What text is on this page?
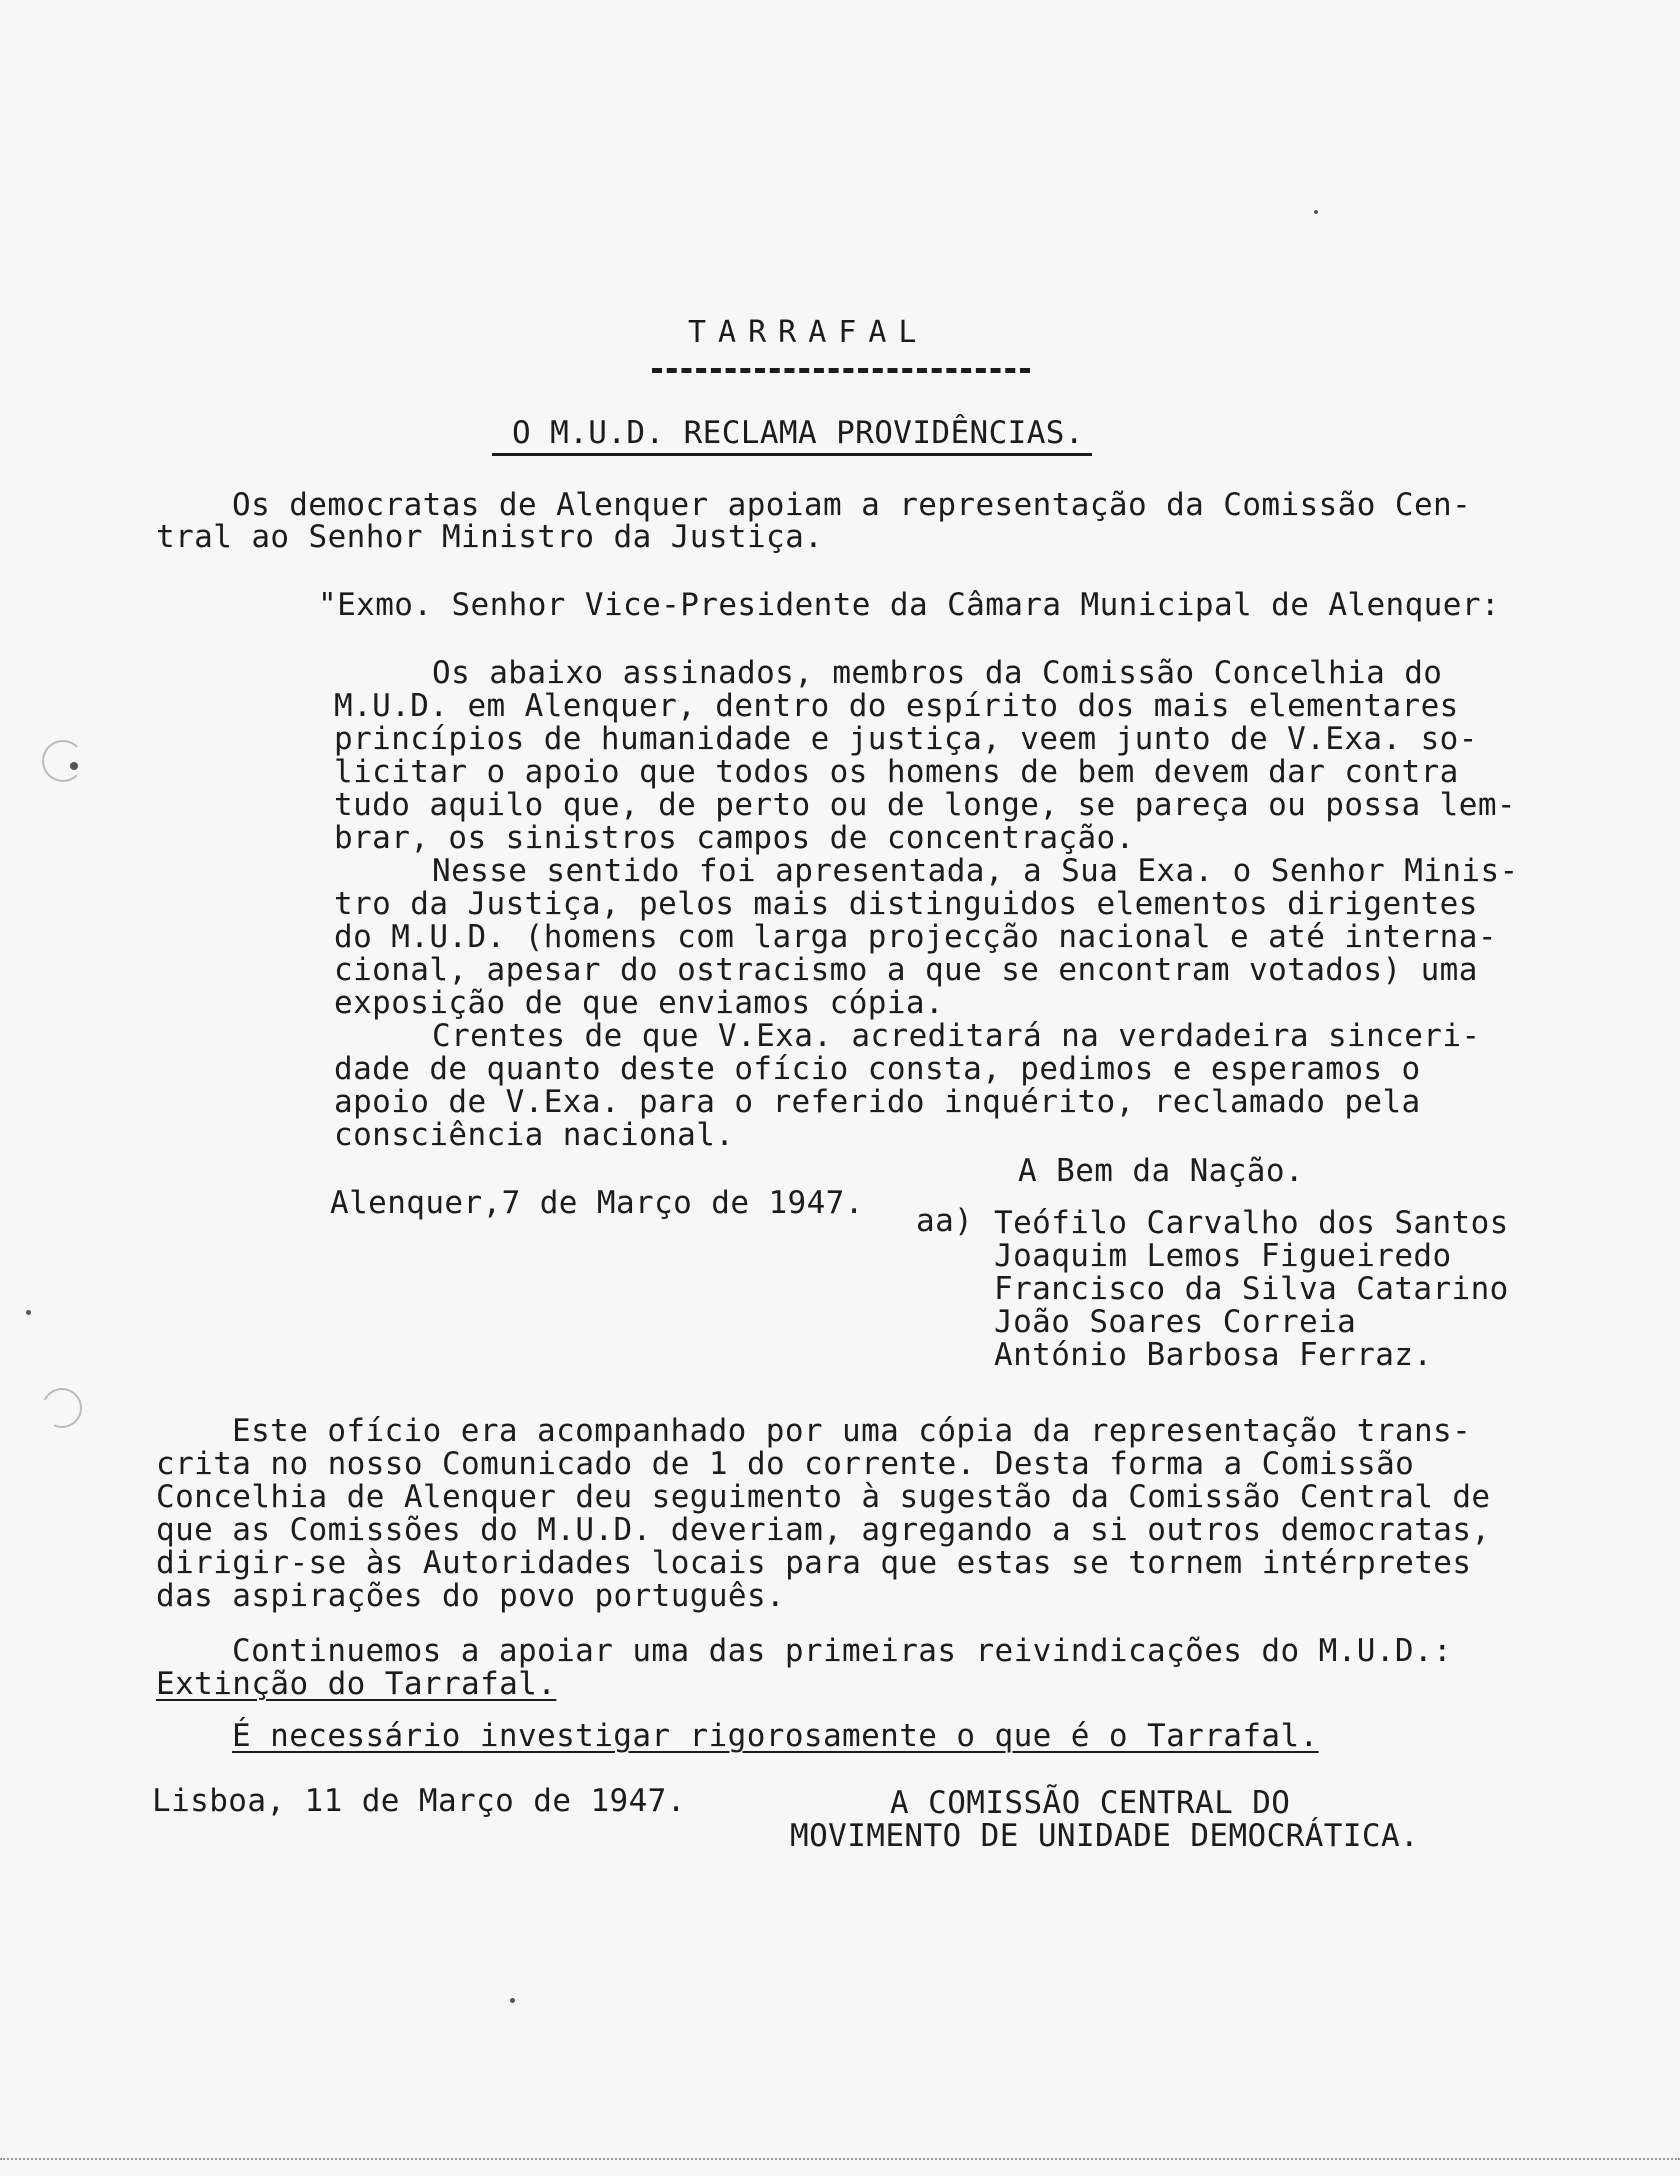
TARRAFAL
O M.U.D. RECLAMA PROVIDÊNCIAS.
Os democratas de Alenquer apoiam a representação da Comissão Cen-
tral ao Senhor Ministro da Justiça.
"Exmo. Senhor Vice-Presidente da Câmara Municipal de Alenquer:
Os abaixo assinados, membros da Comissão Concelhia do
M.U.D. em Alenquer, dentro do espírito dos mais elementares
princípios de humanidade e justiça, veem junto de V.Exa. so-
licitar o apoio que todos os homens de bem devem dar contra
tudo aquilo que, de perto ou de longe, se pareça ou possa lem-
brar, os sinistros campos de concentração.
Nesse sentido foi apresentada, a Sua Exa. o Senhor Minis-
tro da Justiça, pelos mais distinguidos elementos dirigentes
do M.U.D. (homens com larga projecção nacional e até interna-
cional, apesar do ostracismo a que se encontram votados) uma
exposição de que enviamos cópia.
Crentes de que V.Exa. acreditará na verdadeira sinceri-
dade de quanto deste ofício consta, pedimos e esperamos o
apoio de V.Exa. para o referido inquérito, reclamado pela
consciência nacional.
A Bem da Nação.
Alenquer,7 de Março de 1947. aa) Teófilo Carvalho dos Santos
Joaquim Lemos Figueiredo
Francisco da Silva Catarino
João Soares Correia
António Barbosa Ferraz.
Este ofício era acompanhado por uma cópia da representação trans-
crita no nosso Comunicado de 1 do corrente. Desta forma a Comissão
Concelhia de Alenquer deu seguimento à sugestão da Comissão Central de
que as Comissões do M.U.D. deveriam, agregando a si outros democratas,
dirigir-se às Autoridades locais para que estas se tornem intérpretes
das aspirações do povo português.
Continuemos a apoiar uma das primeiras reivindicações do M.U.D.:
Extinção do Tarrafal.
É necessário investigar rigorosamente o que é o Tarrafal.
Lisboa, 11 de Março de 1947.	A COMISSÃO CENTRAL DO
MOVIMENTO DE UNIDADE DEMOCRÁTICA.
